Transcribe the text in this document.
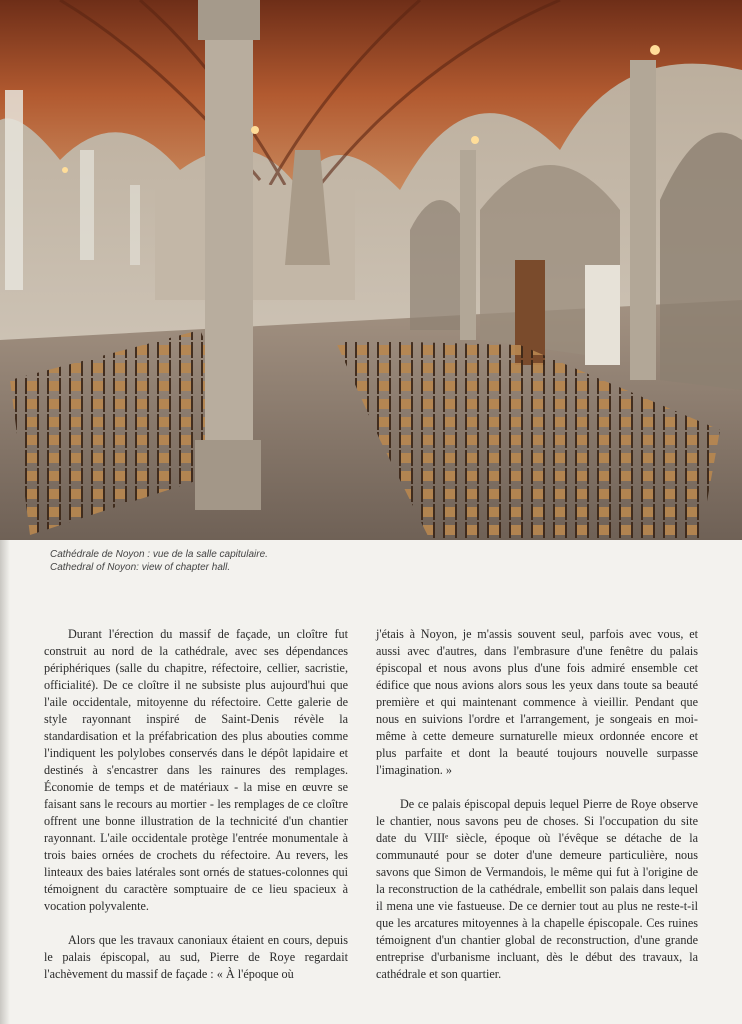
Cathédrale de Noyon : vue de la salle capitulaire.

Cathedral of Noyon: view of chapter hall.

Durant l'érection du massif de façade, un cloître fut construit au nord de la cathédrale, avec ses dépendances périphériques (salle du chapitre, réfectoire, cellier, sacristie, officialité). De ce cloître il ne subsiste plus aujourd'hui que l'aile occidentale, mitoyenne du réfectoire. Cette galerie de style rayonnant inspiré de Saint-Denis révèle la standardisation et la préfabrication des plus abouties comme l'indiquent les polylobes conservés dans le dépôt lapidaire et destinés à s'encastrer dans les rainures des remplages. Économie de temps et de matériaux - la mise en œuvre se faisant sans le recours au mortier - les remplages de ce cloître offrent une bonne illustration de la technicité d'un chantier rayonnant. L'aile occidentale protège l'entrée monumentale à trois baies ornées de crochets du réfectoire. Au revers, les linteaux des baies latérales sont ornés de statues-colonnes qui témoignent du caractère somptuaire de ce lieu spacieux à vocation polyvalente.

Alors que les travaux canoniaux étaient en cours, depuis le palais épiscopal, au sud, Pierre de Roye regardait l'achèvement du massif de façade : « À l'époque où

j'étais à Noyon, je m'assis souvent seul, parfois avec vous, et aussi avec d'autres, dans l'embrasure d'une fenêtre du palais épiscopal et nous avons plus d'une fois admiré ensemble cet édifice que nous avions alors sous les yeux dans toute sa beauté première et qui maintenant commence à vieillir. Pendant que nous en suivions l'ordre et l'arrangement, je songeais en moi-même à cette demeure surnaturelle mieux ordonnée encore et plus parfaite et dont la beauté toujours nouvelle surpasse l'imagination. »

De ce palais épiscopal depuis lequel Pierre de Roye observe le chantier, nous savons peu de choses. Si l'occupation du site date du VIIIᵉ siècle, époque où l'évêque se détache de la communauté pour se doter d'une demeure particulière, nous savons que Simon de Vermandois, le même qui fut à l'origine de la reconstruction de la cathédrale, embellit son palais dans lequel il mena une vie fastueuse. De ce dernier tout au plus ne reste-t-il que les arcatures mitoyennes à la chapelle épiscopale. Ces ruines témoignent d'un chantier global de reconstruction, d'une grande entreprise d'urbanisme incluant, dès le début des travaux, la cathédrale et son quartier.
